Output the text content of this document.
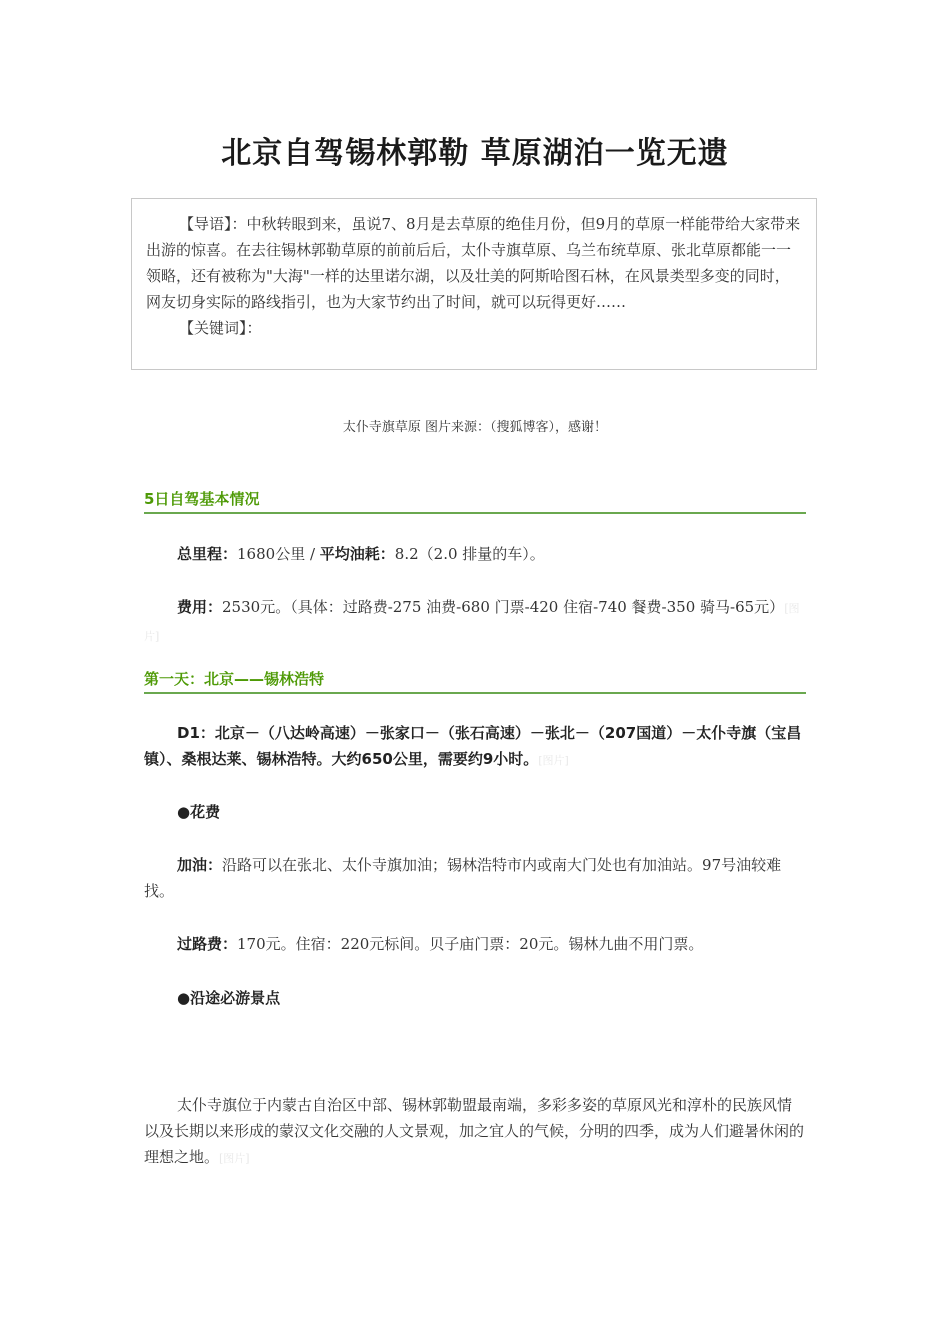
北京自驾锡林郭勒 草原湖泊一览无遗

【导语】：中秋转眼到来，虽说7、8月是去草原的绝佳月份，但9月的草原一样能带给大家带来出游的惊喜。在去往锡林郭勒草原的前前后后，太仆寺旗草原、乌兰布统草原、张北草原都能一一领略，还有被称为"大海"一样的达里诺尔湖，以及壮美的阿斯哈图石林，在风景类型多变的同时，网友切身实际的路线指引，也为大家节约出了时间，就可以玩得更好……

【关键词】：

太仆寺旗草原 图片来源：（搜狐博客），感谢！
5日自驾基本情况
总里程：1680公里 / 平均油耗：8.2（2.0 排量的车）。
费用：2530元。（具体：过路费-275 油费-680 门票-420 住宿-740 餐费-350 骑马-65元）[图片]
第一天：北京——锡林浩特
D1：北京－（八达岭高速）－张家口－（张石高速）－张北－（207国道）－太仆寺旗（宝昌镇）、桑根达莱、锡林浩特。大约650公里，需要约9小时。[图片]
●花费
加油：沿路可以在张北、太仆寺旗加油；锡林浩特市内或南大门处也有加油站。97号油较难找。
过路费：170元。住宿：220元标间。贝子庙门票：20元。锡林九曲不用门票。
●沿途必游景点
太仆寺旗位于内蒙古自治区中部、锡林郭勒盟最南端，多彩多姿的草原风光和淳朴的民族风情以及长期以来形成的蒙汉文化交融的人文景观，加之宜人的气候，分明的四季，成为人们避暑休闲的理想之地。[图片]
